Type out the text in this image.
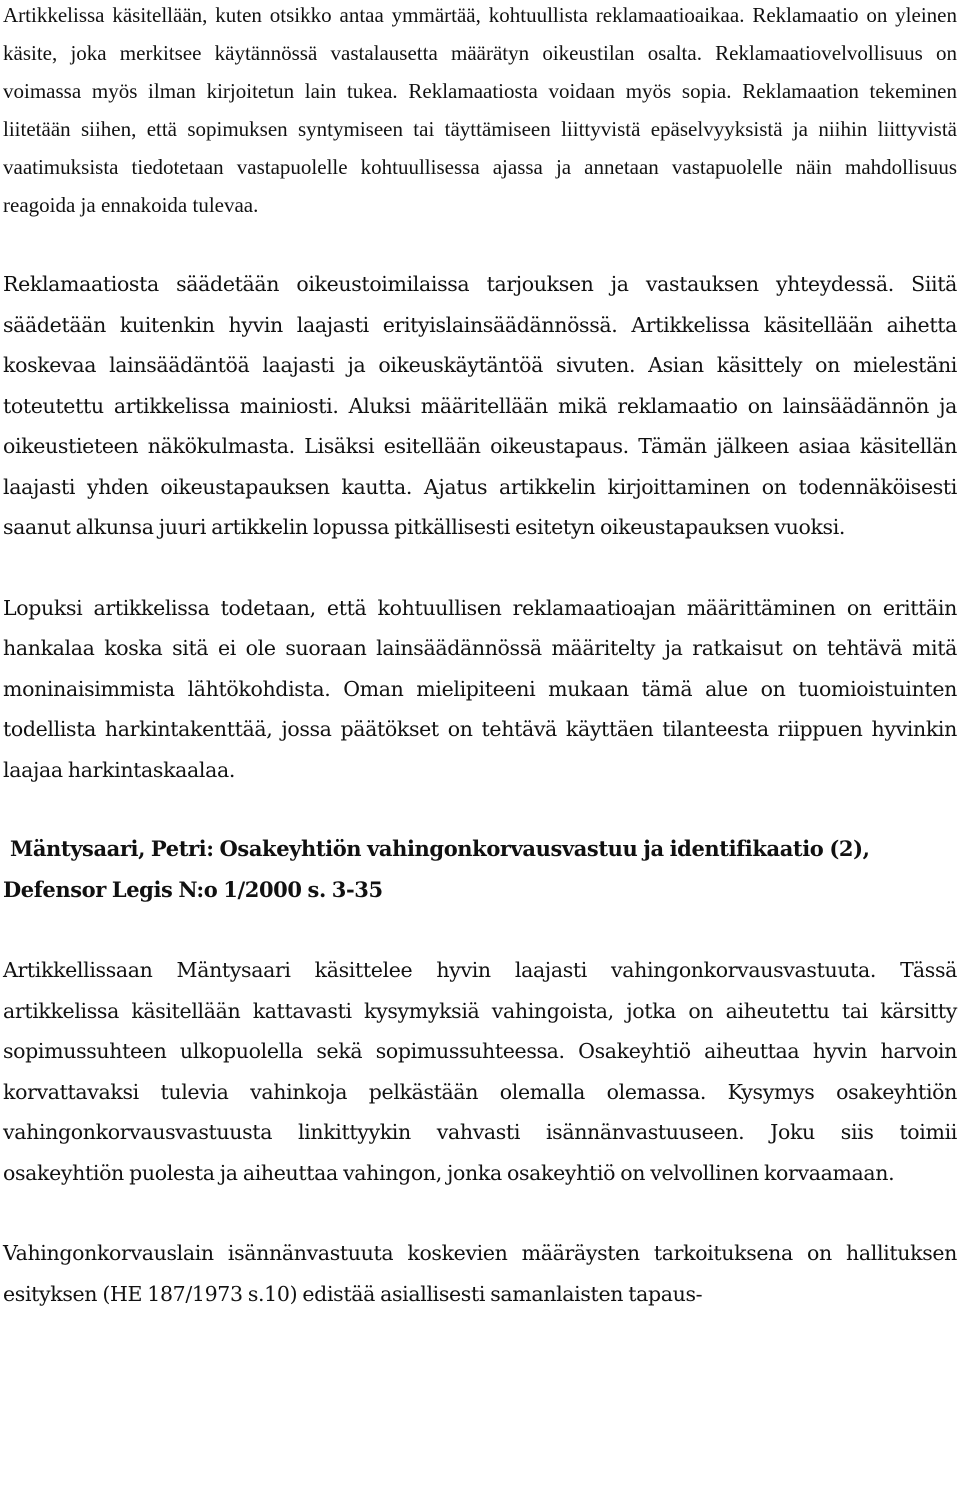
Artikkelissa käsitellään, kuten otsikko antaa ymmärtää, kohtuullista reklamaatioaikaa. Reklamaatio on yleinen käsite, joka merkitsee käytännössä vastalausetta määrätyn oikeustilan osalta. Reklamaatiovelvollisuus on voimassa myös ilman kirjoitetun lain tukea. Reklamaatiosta voidaan myös sopia. Reklamaation tekeminen liitetään siihen, että sopimuksen syntymiseen tai täyttämiseen liittyvistä epäselvyyksistä ja niihin liittyvistä vaatimuksista tiedotetaan vastapuolelle kohtuullisessa ajassa ja annetaan vastapuolelle näin mahdollisuus reagoida ja ennakoida tulevaa.

Reklamaatiosta säädetään oikeustoimilaissa tarjouksen ja vastauksen yhteydessä. Siitä säädetään kuitenkin hyvin laajasti erityislainsäädännössä. Artikkelissa käsitellään aihetta koskevaa lainsäädäntöä laajasti ja oikeuskäytäntöä sivuten. Asian käsittely on mielestäni toteutettu artikkelissa mainiosti. Aluksi määritellään mikä reklamaatio on lainsäädännön ja oikeustieteen näkökulmasta. Lisäksi esitellään oikeustapaus. Tämän jälkeen asiaa käsitellän laajasti yhden oikeustapauksen kautta. Ajatus artikkelin kirjoittaminen on todennäköisesti saanut alkunsa juuri artikkelin lopussa pitkällisesti esitetyn oikeustapauksen vuoksi.

Lopuksi artikkelissa todetaan, että kohtuullisen reklamaatioajan määrittäminen on erittäin hankalaa koska sitä ei ole suoraan lainsäädännössä määritelty ja ratkaisut on tehtävä mitä moninaisimmista lähtökohdista. Oman mielipiteeni mukaan tämä alue on tuomioistuinten todellista harkintakenttää, jossa päätökset on tehtävä käyttäen tilanteesta riippuen hyvinkin laajaa harkintaskaalaa.

Mäntysaari, Petri: Osakeyhtiön vahingonkorvausvastuu ja identifikaatio (2),
Defensor Legis N:o 1/2000 s. 3-35

Artikkellissaan Mäntysaari käsittelee hyvin laajasti vahingonkorvausvastuuta. Tässä artikkelissa käsitellään kattavasti kysymyksiä vahingoista, jotka on aiheutettu tai kärsitty sopimussuhteen ulkopuolella sekä sopimussuhteessa. Osakeyhtiö aiheuttaa hyvin harvoin korvattavaksi tulevia vahinkoja pelkästään olemalla olemassa. Kysymys osakeyhtiön vahingonkorvausvastuusta linkittyykin vahvasti isännänvastuuseen. Joku siis toimii osakeyhtiön puolesta ja aiheuttaa vahingon, jonka osakeyhtiö on velvollinen korvaamaan.

Vahingonkorvauslain isännänvastuuta koskevien määräysten tarkoituksena on hallituksen esityksen (HE 187/1973 s.10) edistää asiallisesti samanlaisten tapaus-
